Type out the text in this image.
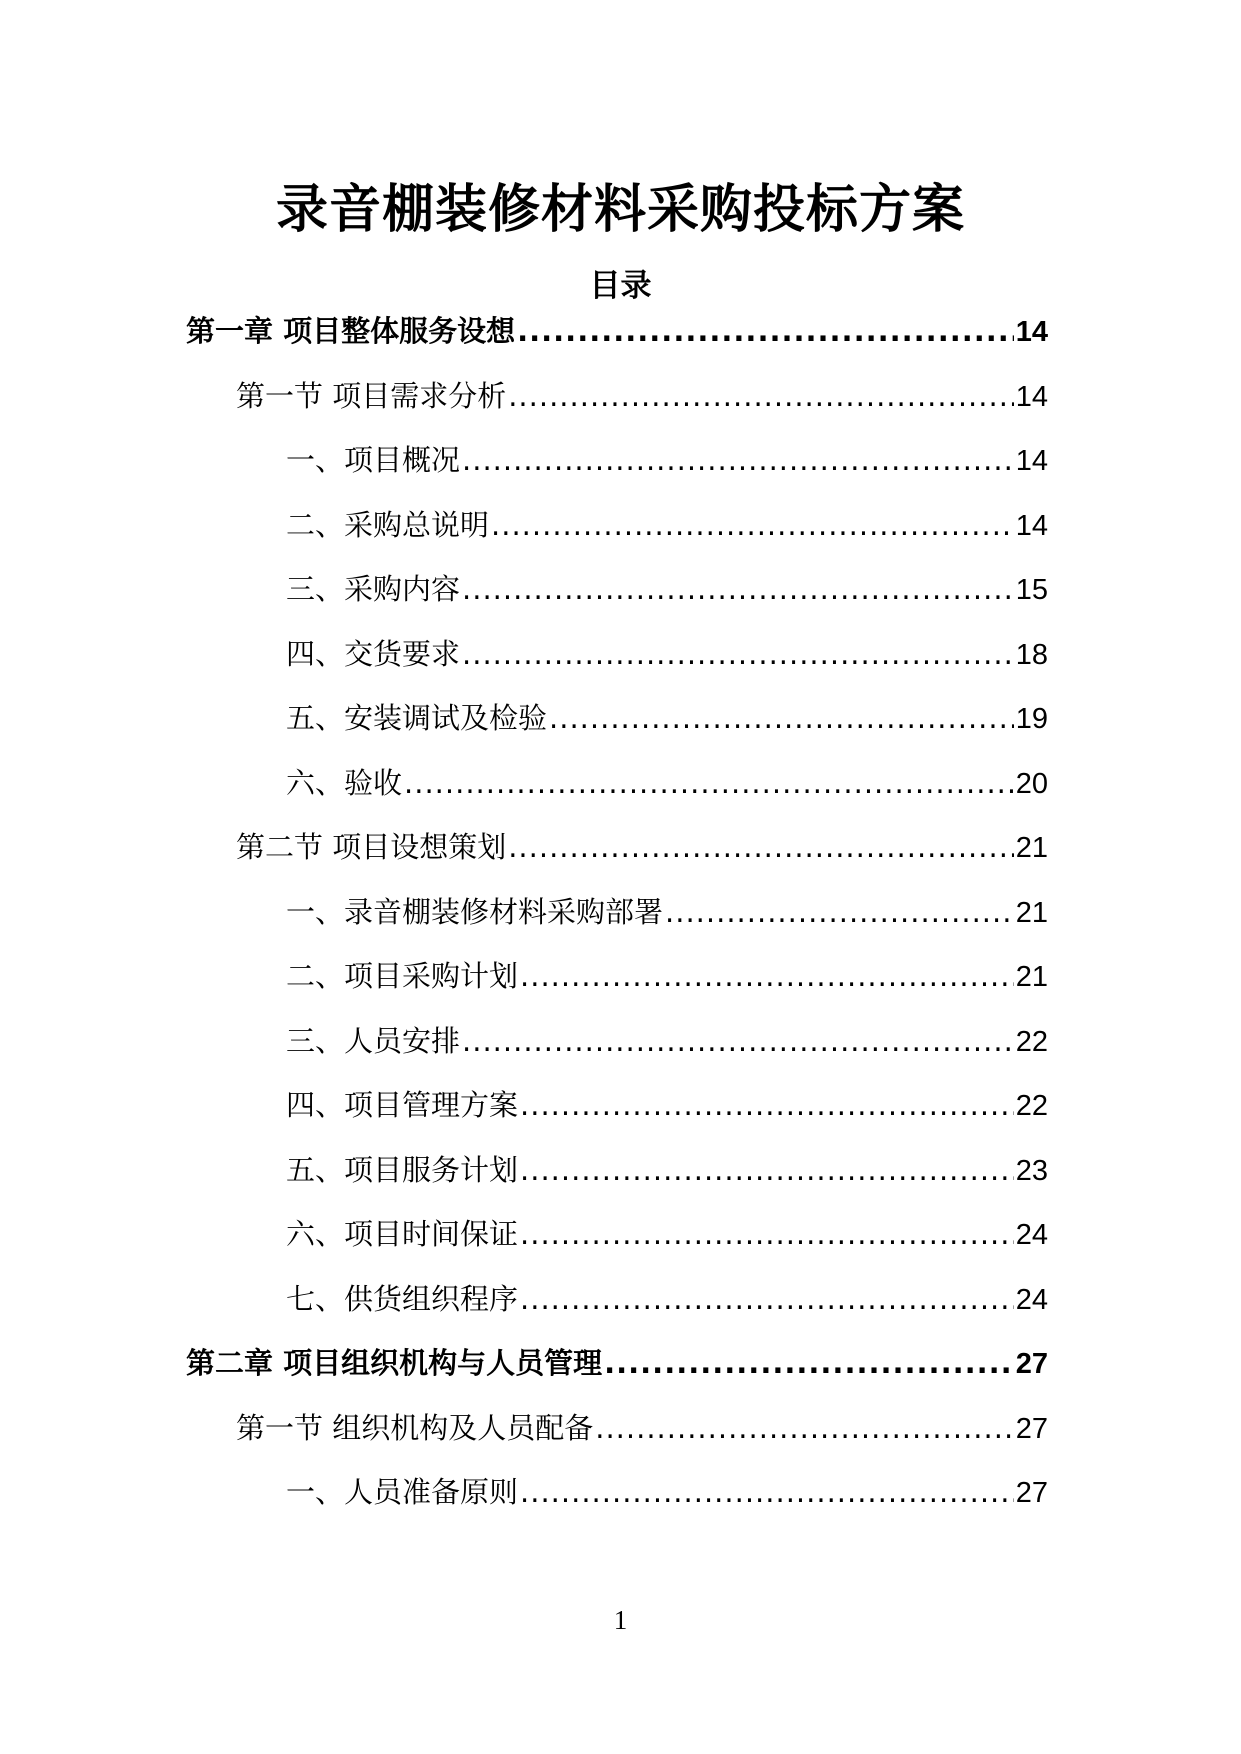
录音棚装修材料采购投标方案
目录
第一章 项目整体服务设想 .....	14
第一节 项目需求分析 .....	14
一、项目概况 .....	14
二、采购总说明 .....	14
三、采购内容 .....	15
四、交货要求 .....	18
五、安装调试及检验 .....	19
六、验收 .....	20
第二节 项目设想策划 .....	21
一、录音棚装修材料采购部署 .....	21
二、项目采购计划 .....	21
三、人员安排 .....	22
四、项目管理方案 .....	22
五、项目服务计划 .....	23
六、项目时间保证 .....	24
七、供货组织程序 .....	24
第二章 项目组织机构与人员管理 .....	27
第一节 组织机构及人员配备 .....	27
一、人员准备原则 .....	27
1
